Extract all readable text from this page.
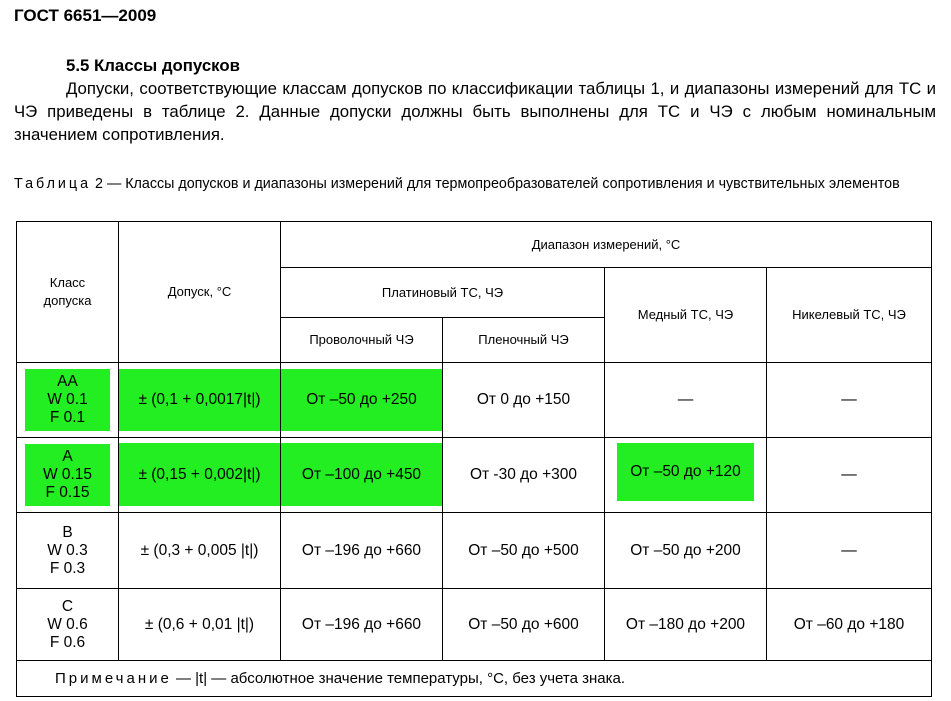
ГОСТ 6651—2009
5.5 Классы допусков
Допуски, соответствующие классам допусков по классификации таблицы 1, и диапазоны измерений для ТС и ЧЭ приведены в таблице 2. Данные допуски должны быть выполнены для ТС и ЧЭ с любым номинальным значением сопротивления.
Таблица 2 — Классы допусков и диапазоны измерений для термопреобразователей сопротивления и чувствительных элементов
Класс допуска	Допуск, °С	Диапазон измерений, °С			
		Платиновый ТС, ЧЭ		Медный ТС, ЧЭ	Никелевый ТС, ЧЭ
		Проволочный ЧЭ	Пленочный ЧЭ		

AA
W 0.1
F 0.1	± (0,1 + 0,0017|t|)	От –50 до +250	От 0 до +150	—	—

A
W 0.15
F 0.15	± (0,15 + 0,002|t|)	От –100 до +450	От -30 до +300	От –50 до +120	—

B
W 0.3
F 0.3	± (0,3 + 0,005 |t|)	От –196 до +660	От –50 до +500	От –50 до +200	—

C
W 0.6
F 0.6	± (0,6 + 0,01 |t|)	От –196 до +660	От –50 до +600	От –180 до +200	От –60 до +180
Примечание — |t| — абсолютное значение температуры, °С, без учета знака.					
